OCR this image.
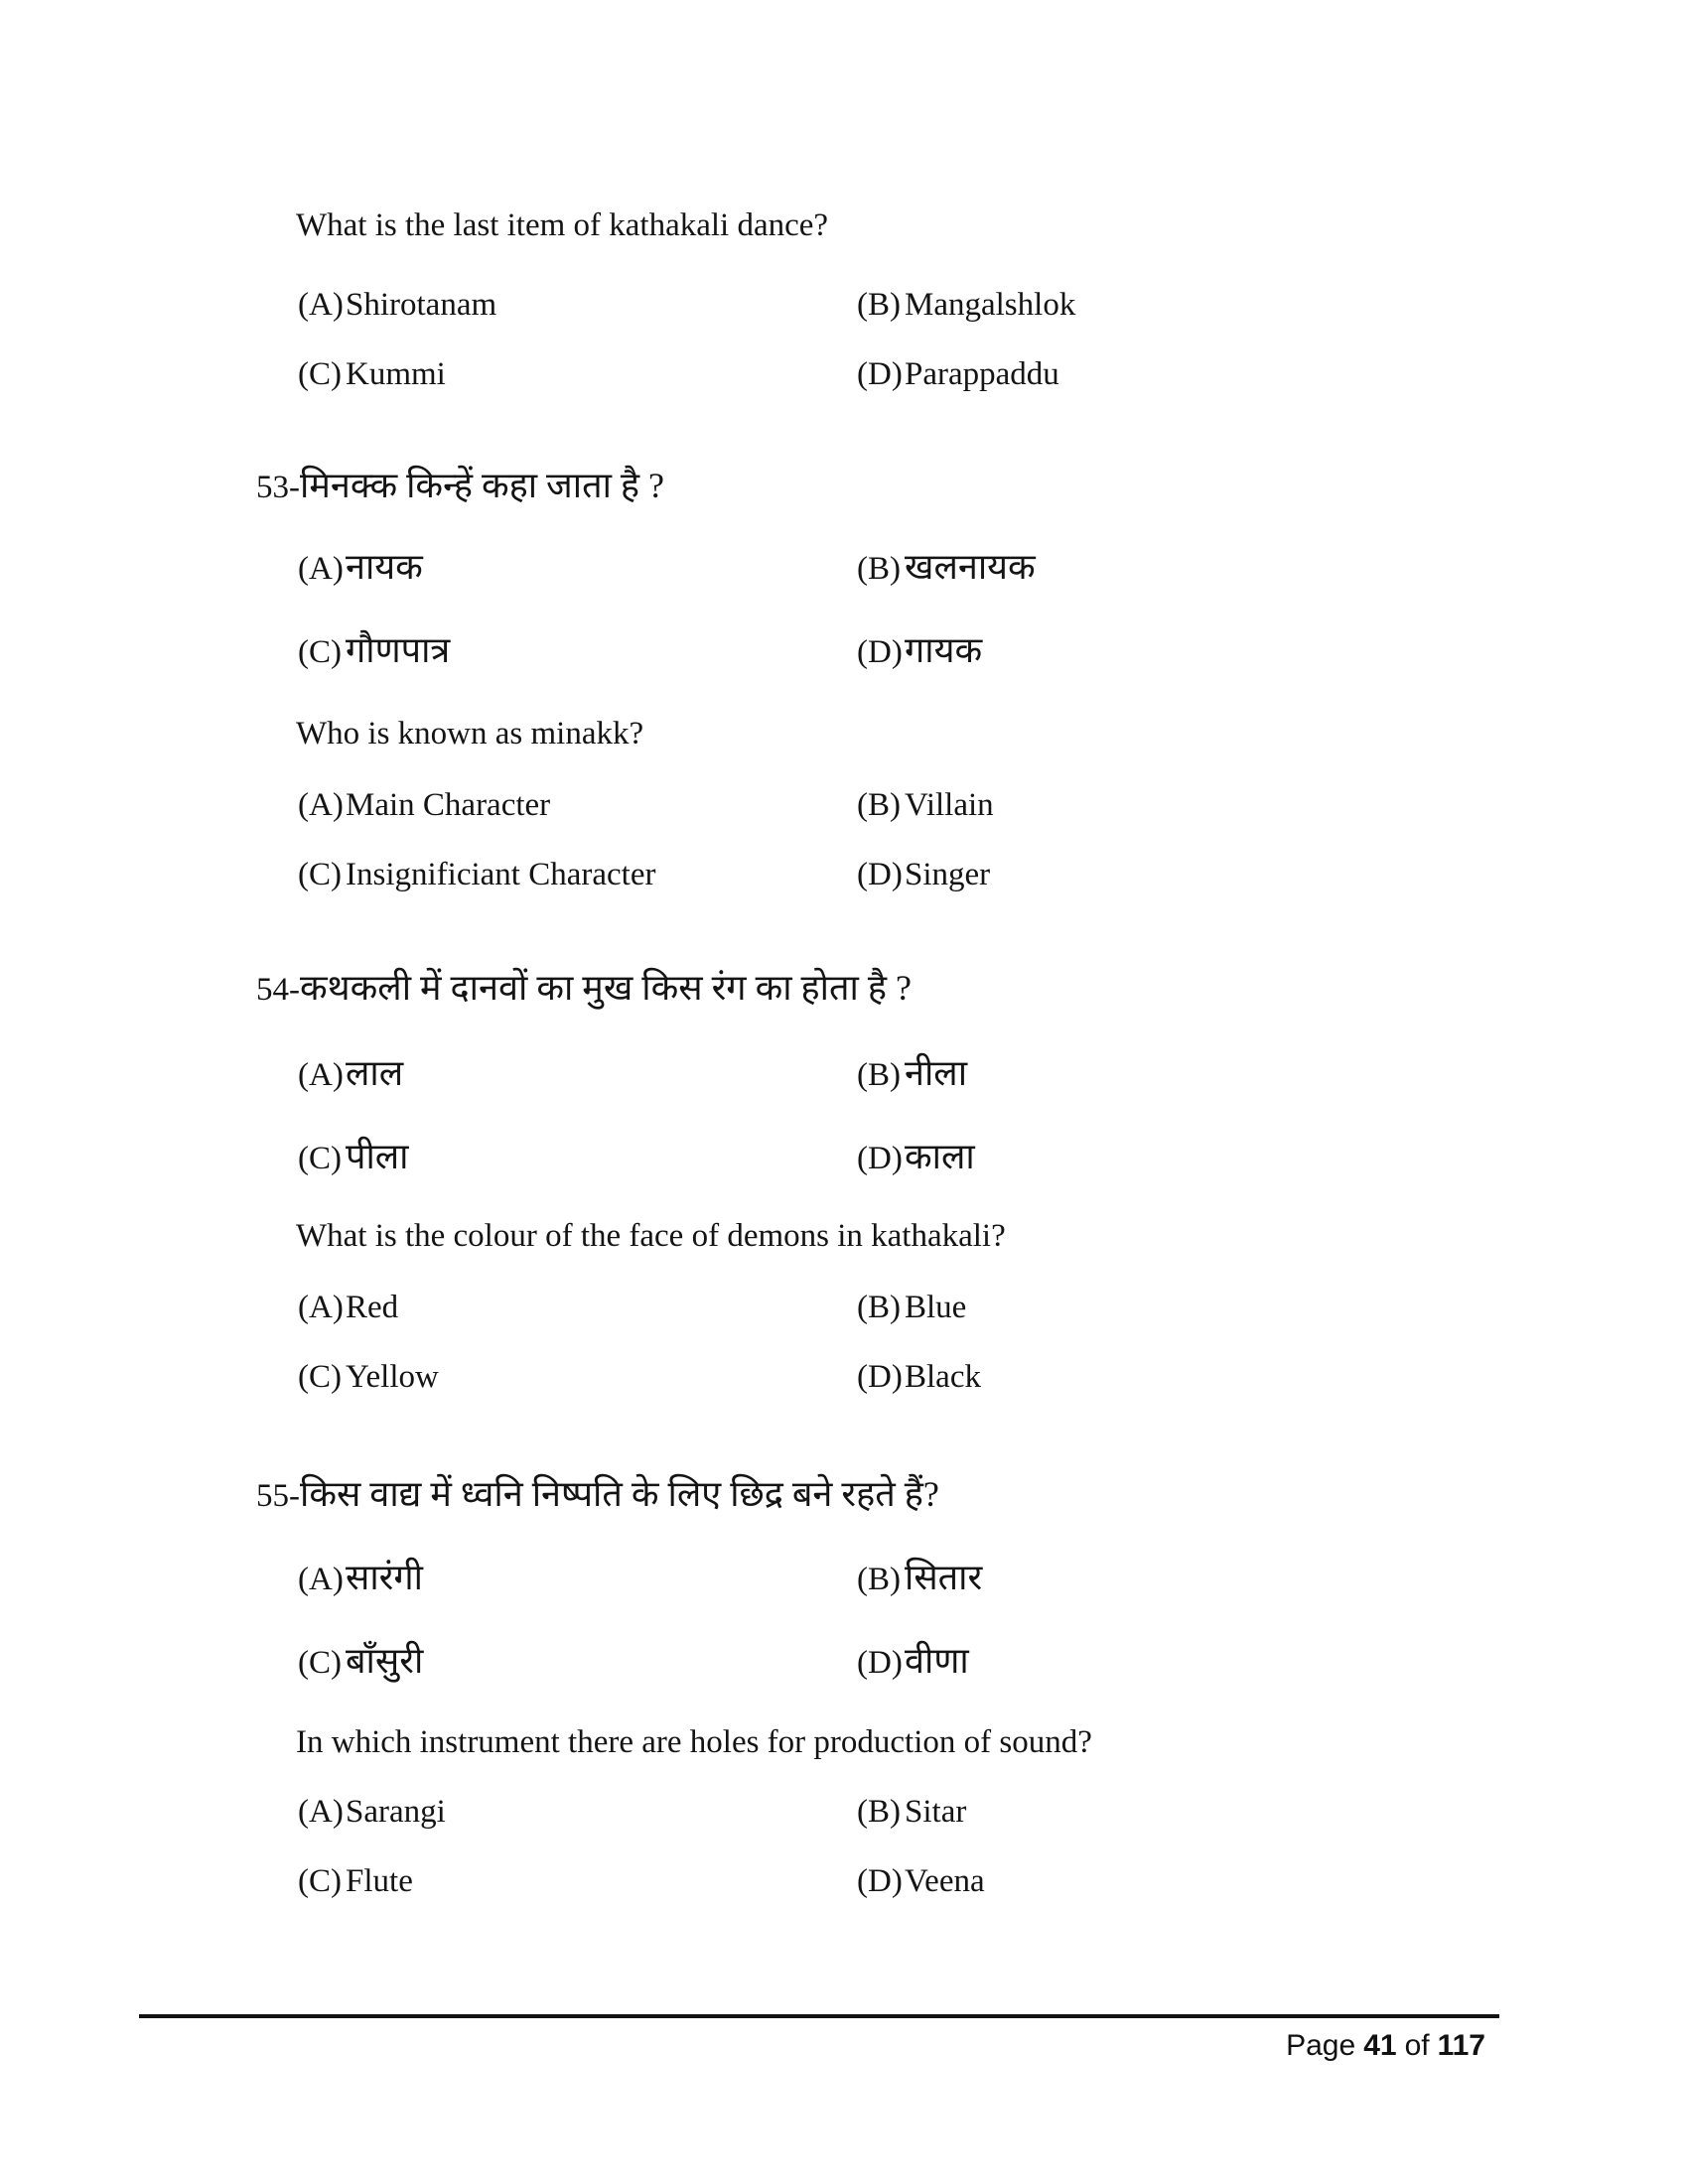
What is the last item of kathakali dance?
(A)Shirotanam	(B) Mangalshlok
(C) Kummi	(D)Parappaddu
53-मिनक्क किन्हें कहा जाता है ?
(A)नायक	(B) खलनायक
(C) गौणपात्र	(D)गायक
Who is known as minakk?
(A)Main Character	(B) Villain
(C) Insignificiant Character	(D)Singer
54-कथकली में दानवों का मुख किस रंग का होता है ?
(A)लाल	(B) नीला
(C) पीला	(D)काला
What is the colour of the face of demons in kathakali?
(A)Red	(B) Blue
(C) Yellow	(D)Black
55-किस वाद्य में ध्वनि निष्पति के लिए छिद्र बने रहते हैं?
(A)सारंगी	(B) सितार
(C) बाँसुरी	(D)वीणा
In which instrument there are holes for production of sound?
(A)Sarangi	(B) Sitar
(C) Flute	(D)Veena
Page 41 of 117
